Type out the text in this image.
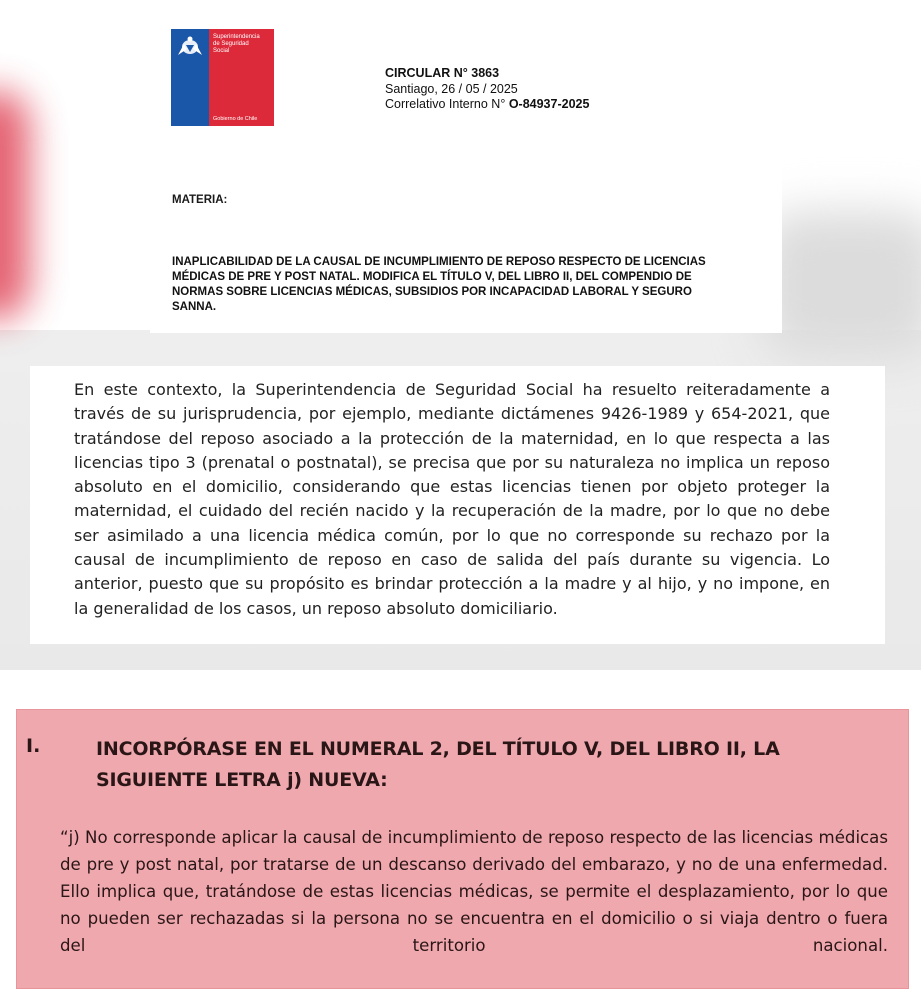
Superintendencia
de Seguridad
Social
Gobierno de Chile
CIRCULAR N° 3863
Santiago, 26 / 05 / 2025
Correlativo Interno N° O-84937-2025
MATERIA:
INAPLICABILIDAD DE LA CAUSAL DE INCUMPLIMIENTO DE REPOSO RESPECTO DE LICENCIAS MÉDICAS DE PRE Y POST NATAL. MODIFICA EL TÍTULO V, DEL LIBRO II, DEL COMPENDIO DE NORMAS SOBRE LICENCIAS MÉDICAS, SUBSIDIOS POR INCAPACIDAD LABORAL Y SEGURO SANNA.
En este contexto, la Superintendencia de Seguridad Social ha resuelto reiteradamente a través de su jurisprudencia, por ejemplo, mediante dictámenes 9426-1989 y 654-2021, que tratándose del reposo asociado a la protección de la maternidad, en lo que respecta a las licencias tipo 3 (prenatal o postnatal), se precisa que por su naturaleza no implica un reposo absoluto en el domicilio, considerando que estas licencias tienen por objeto proteger la maternidad, el cuidado del recién nacido y la recuperación de la madre, por lo que no debe ser asimilado a una licencia médica común, por lo que no corresponde su rechazo por la causal de incumplimiento de reposo en caso de salida del país durante su vigencia. Lo anterior, puesto que su propósito es brindar protección a la madre y al hijo, y no impone, en la generalidad de los casos, un reposo absoluto domiciliario.
I.	INCORPÓRASE EN EL NUMERAL 2, DEL TÍTULO V, DEL LIBRO II, LA SIGUIENTE LETRA j) NUEVA:
“j) No corresponde aplicar la causal de incumplimiento de reposo respecto de las licencias médicas de pre y post natal, por tratarse de un descanso derivado del embarazo, y no de una enfermedad. Ello implica que, tratándose de estas licencias médicas, se permite el desplazamiento, por lo que no pueden ser rechazadas si la persona no se encuentra en el domicilio o si viaja dentro o fuera del territorio nacional.
